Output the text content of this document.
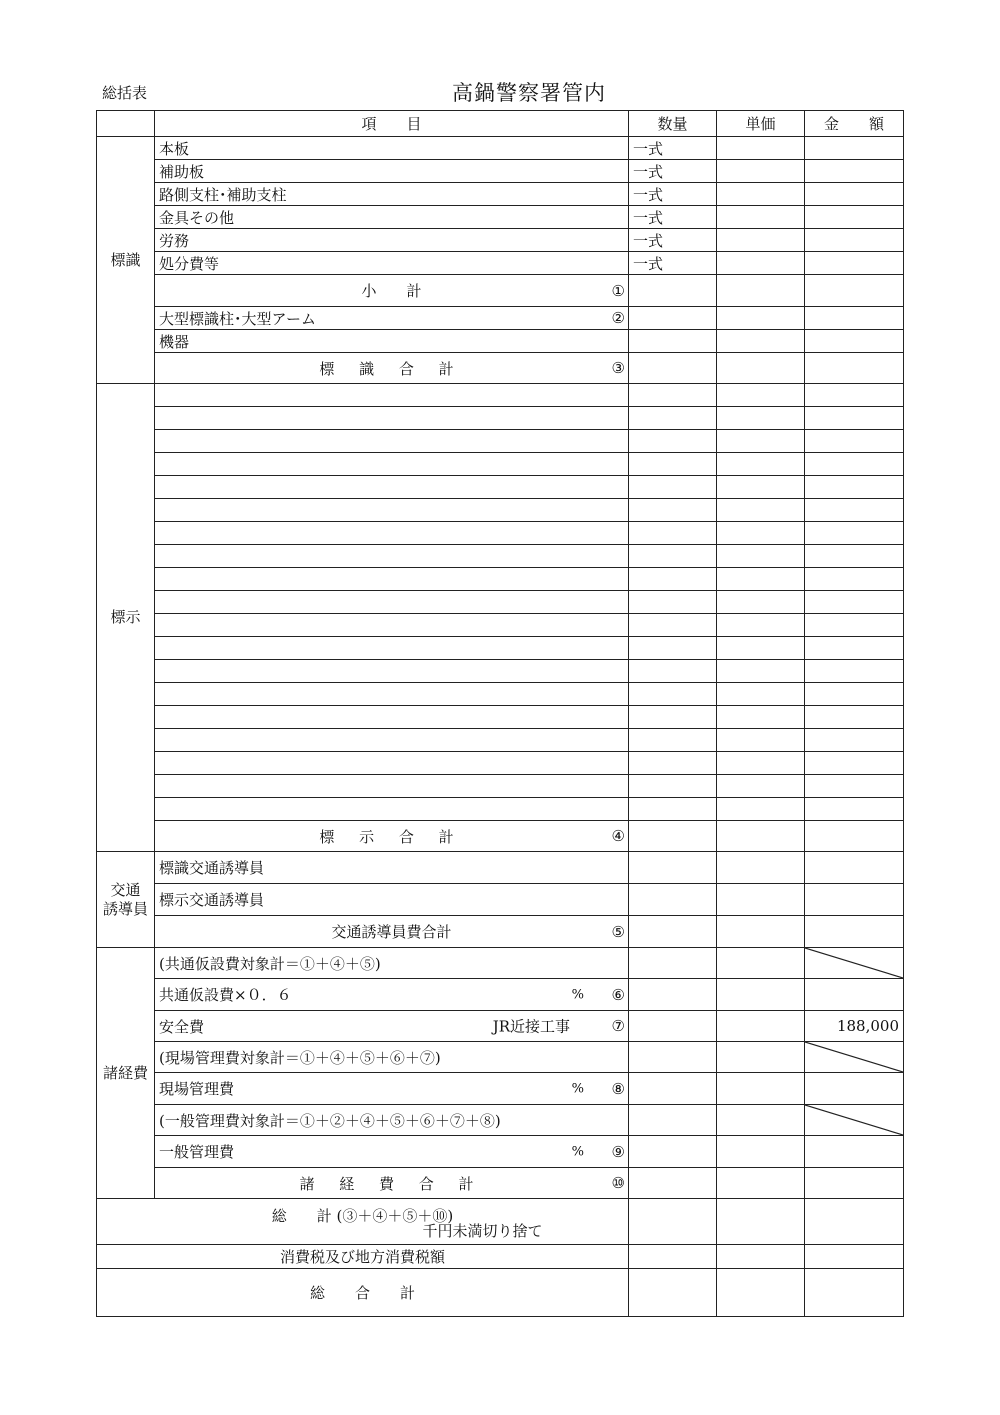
総括表	高鍋警察署管内
	項　　目	数量	単価	金　　額
標識	本板	一式		
	補助板	一式		
	路側支柱･補助支柱	一式		
	金具その他	一式		
	労務	一式		
	処分費等	一式		
	小　　計 ①			

	大型標識柱･大型アーム ②			

	機器			
	標 識 合 計 ③			

標示				

	標 示 合 計 ④			

交通
誘導員	標識交通誘導員			
	標示交通誘導員			
	交通誘導員費合計 ⑤			

諸経費	(共通仮設費対象計＝①＋④＋⑤)			

	共通仮設費×０．６ % ⑥			

	安全費 JR近接工事 ⑦			188,000
	(現場管理費対象計＝①＋④＋⑤＋⑥＋⑦)			

	現場管理費 % ⑧			

	(一般管理費対象計＝①＋②＋④＋⑤＋⑥＋⑦＋⑧)			

	一般管理費 % ⑨			

	諸 経 費 合 計 ⑩			

総　　計 (③＋④＋⑤＋⑩)
千円未満切り捨て				

消費税及び地方消費税額				
総　　合　　計				
